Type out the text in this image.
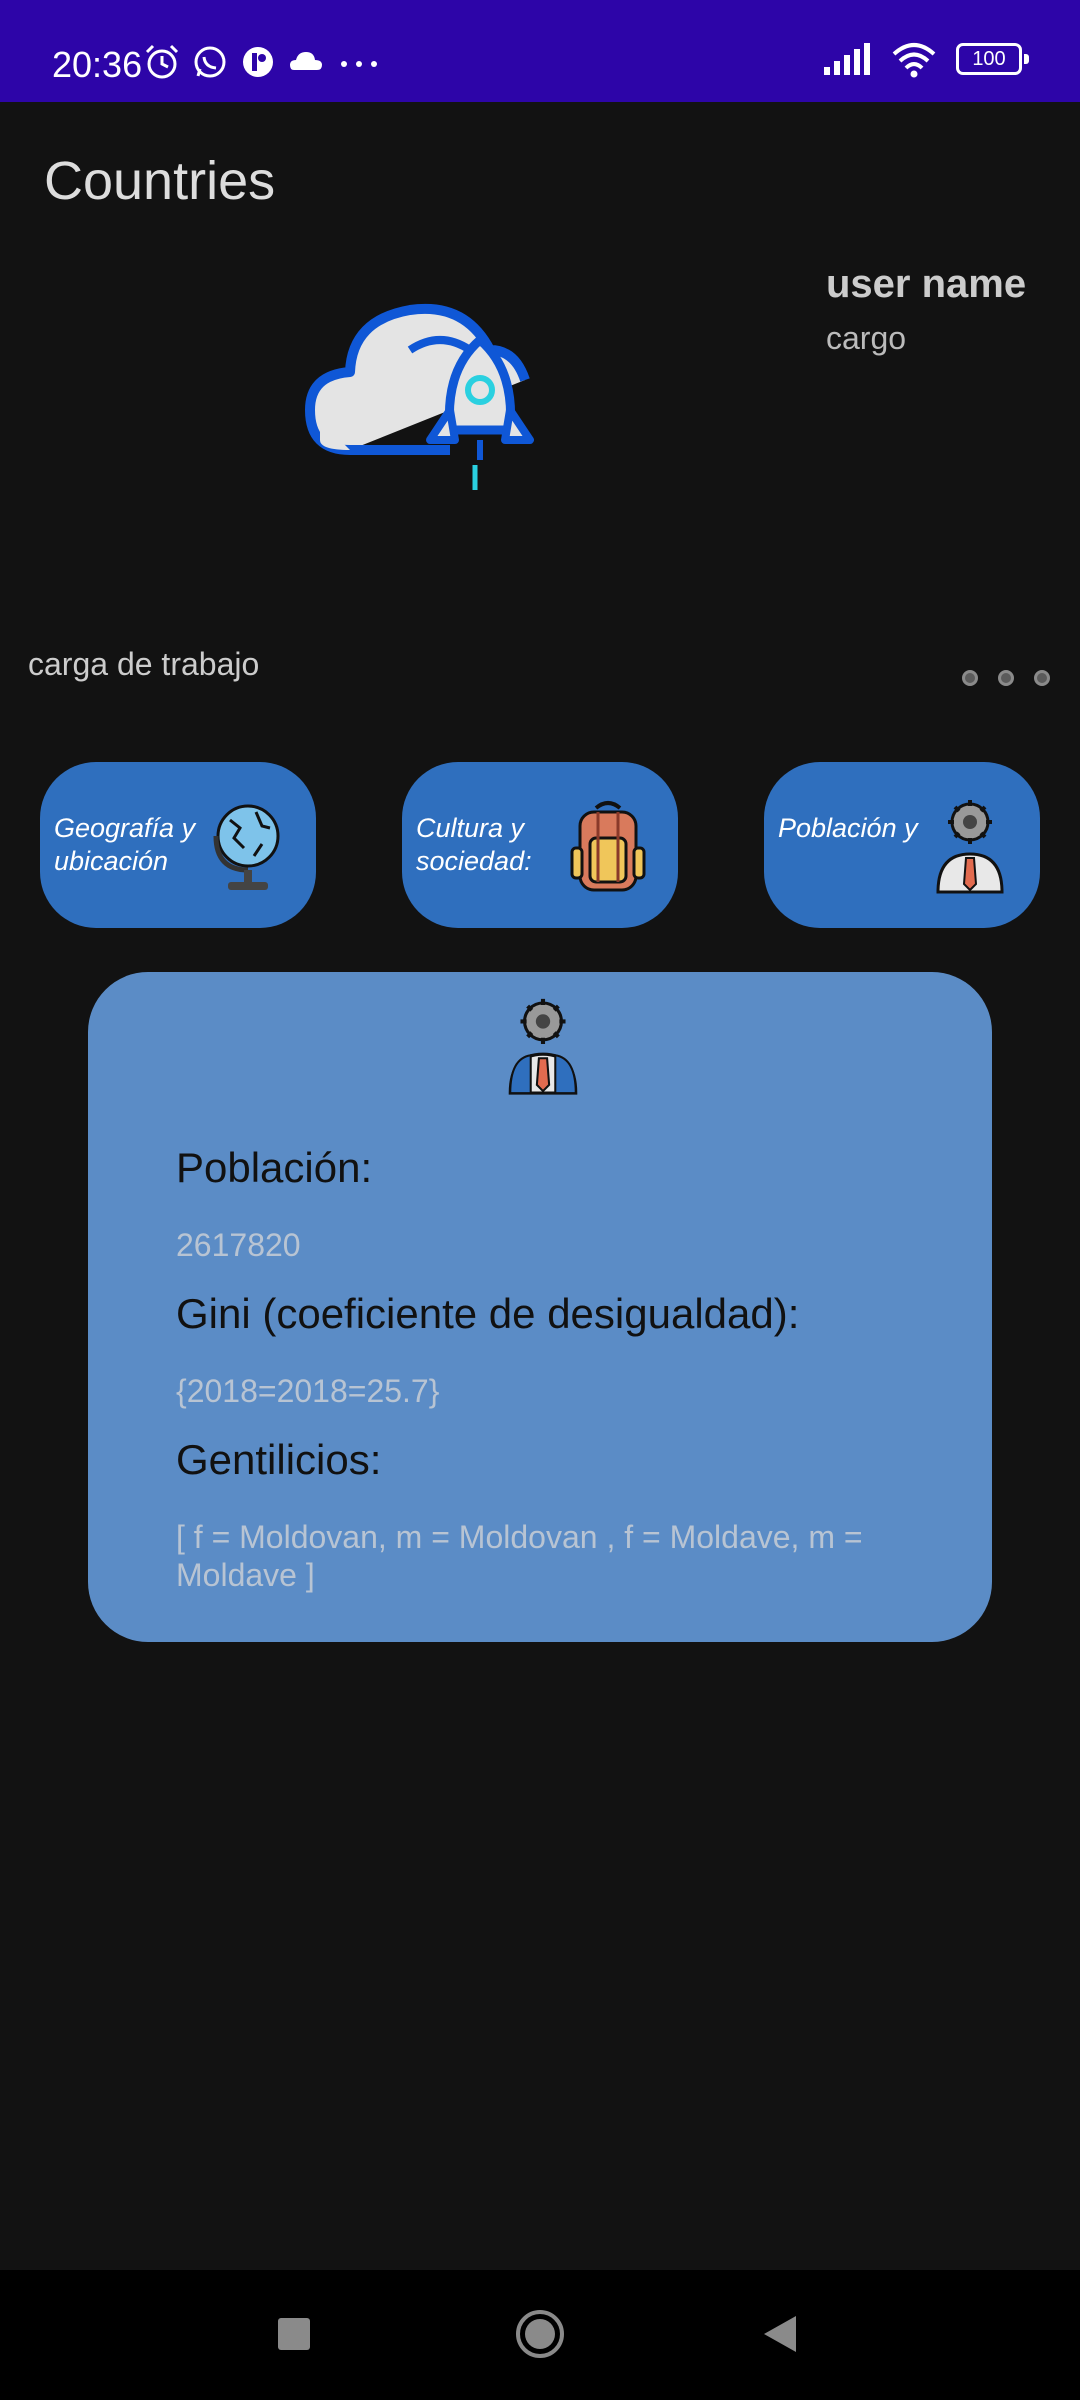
20:36	100
Countries
user name
cargo
carga de trabajo
Geografía y ubicación
Cultura y sociedad:
Población y
Población:
2617820
Gini (coeficiente de desigualdad):
{2018=2018=25.7}
Gentilicios:
[ f = Moldovan, m = Moldovan , f = Moldave, m = Moldave ]
